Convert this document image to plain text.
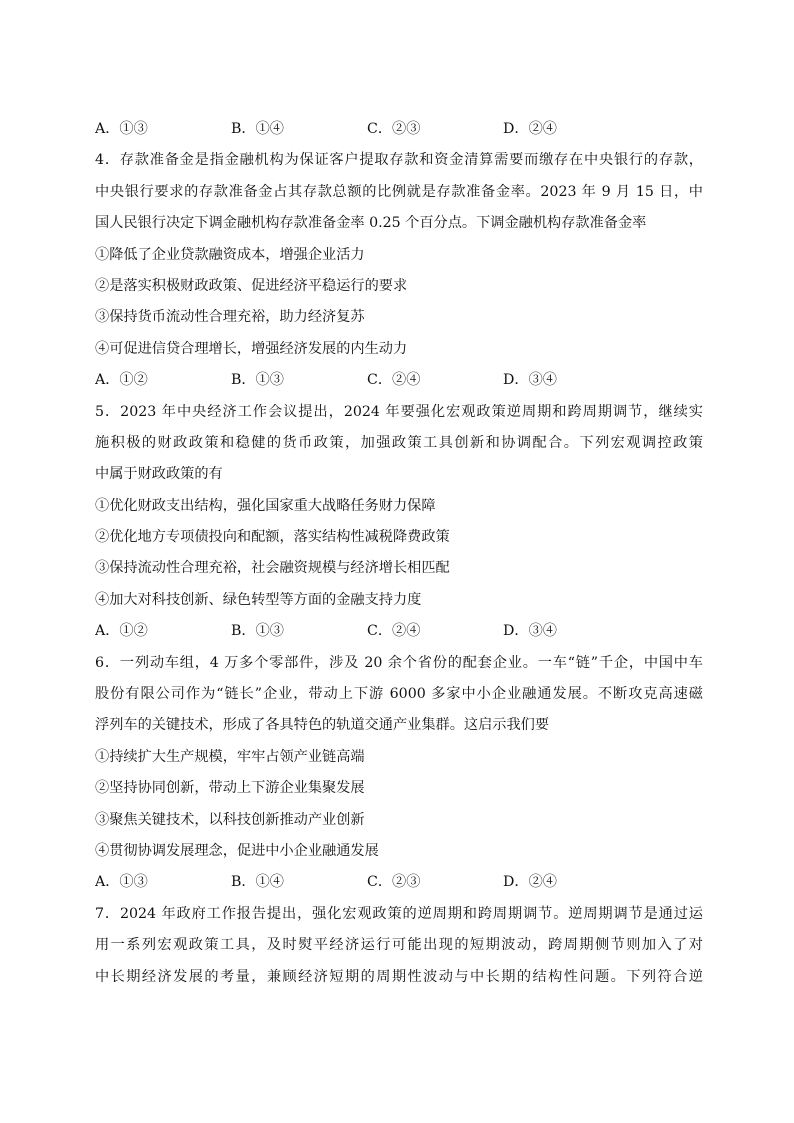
A．①③	B．①④	C．②③	D．②④
4．存款准备金是指金融机构为保证客户提取存款和资金清算需要而缴存在中央银行的存款，
中央银行要求的存款准备金占其存款总额的比例就是存款准备金率。2023 年 9 月 15 日，中
国人民银行决定下调金融机构存款准备金率 0.25 个百分点。下调金融机构存款准备金率
①降低了企业贷款融资成本，增强企业活力
②是落实积极财政政策、促进经济平稳运行的要求
③保持货币流动性合理充裕，助力经济复苏
④可促进信贷合理增长，增强经济发展的内生动力
A．①②	B．①③	C．②④	D．③④
5．2023 年中央经济工作会议提出，2024 年要强化宏观政策逆周期和跨周期调节，继续实
施积极的财政政策和稳健的货币政策，加强政策工具创新和协调配合。下列宏观调控政策
中属于财政政策的有
①优化财政支出结构，强化国家重大战略任务财力保障
②优化地方专项债投向和配额，落实结构性减税降费政策
③保持流动性合理充裕，社会融资规模与经济增长相匹配
④加大对科技创新、绿色转型等方面的金融支持力度
A．①②	B．①③	C．②④	D．③④
6．一列动车组，4 万多个零部件，涉及 20 余个省份的配套企业。一车“链”千企，中国中车
股份有限公司作为“链长”企业，带动上下游 6000 多家中小企业融通发展。不断攻克高速磁
浮列车的关键技术，形成了各具特色的轨道交通产业集群。这启示我们要
①持续扩大生产规模，牢牢占领产业链高端
②坚持协同创新，带动上下游企业集聚发展
③聚焦关键技术，以科技创新推动产业创新
④贯彻协调发展理念，促进中小企业融通发展
A．①③	B．①④	C．②③	D．②④
7．2024 年政府工作报告提出，强化宏观政策的逆周期和跨周期调节。逆周期调节是通过运
用一系列宏观政策工具，及时熨平经济运行可能出现的短期波动，跨周期侧节则加入了对
中长期经济发展的考量，兼顾经济短期的周期性波动与中长期的结构性问题。下列符合逆
